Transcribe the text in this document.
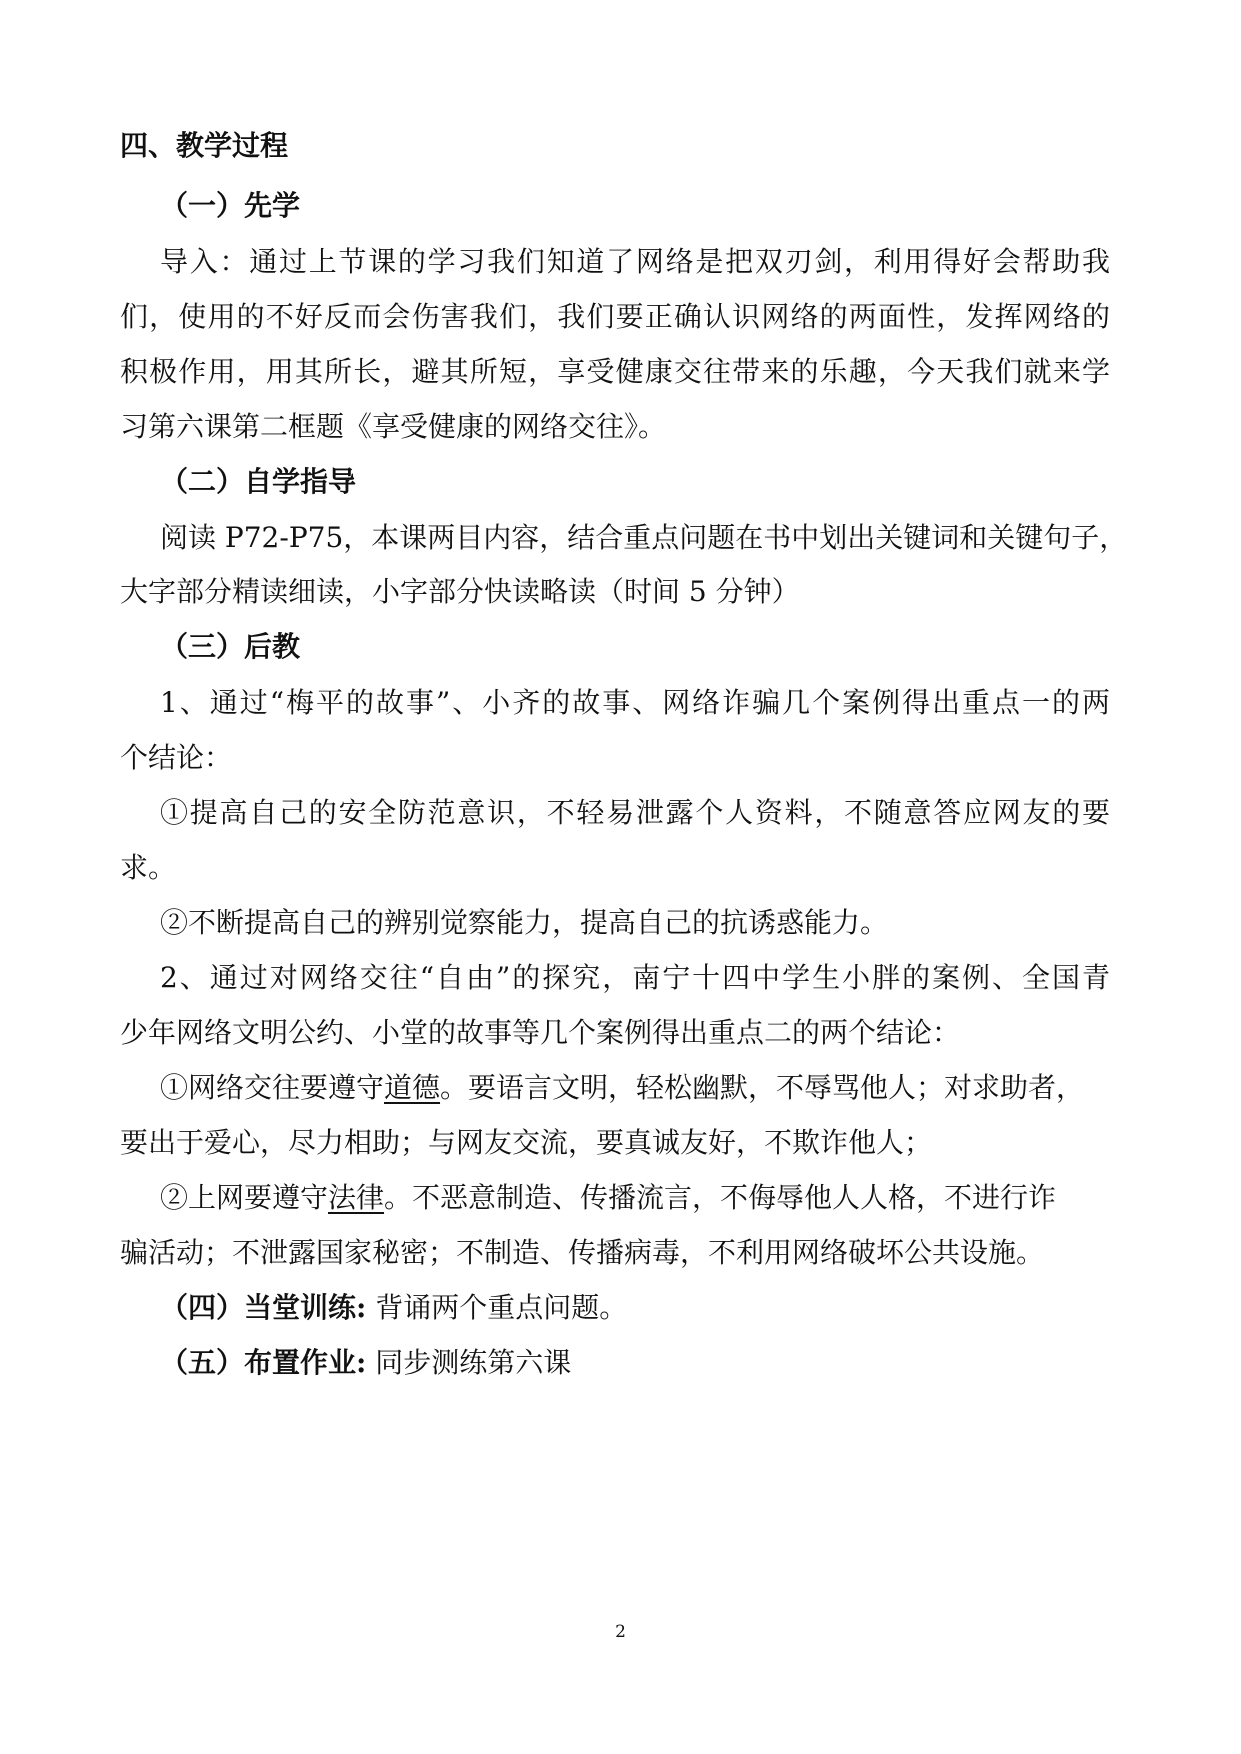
四、教学过程
（一）先学
导入：通过上节课的学习我们知道了网络是把双刃剑，利用得好会帮助我
们，使用的不好反而会伤害我们，我们要正确认识网络的两面性，发挥网络的
积极作用，用其所长，避其所短，享受健康交往带来的乐趣，今天我们就来学
习第六课第二框题《享受健康的网络交往》。
（二）自学指导
阅读 P72-P75，本课两目内容，结合重点问题在书中划出关键词和关键句子，
大字部分精读细读，小字部分快读略读（时间 5 分钟）
（三）后教
1、通过“梅平的故事”、小齐的故事、网络诈骗几个案例得出重点一的两
个结论：
①提高自己的安全防范意识，不轻易泄露个人资料，不随意答应网友的要
求。
②不断提高自己的辨别觉察能力，提高自己的抗诱惑能力。
2、通过对网络交往“自由”的探究，南宁十四中学生小胖的案例、全国青
少年网络文明公约、小堂的故事等几个案例得出重点二的两个结论：
①网络交往要遵守道德。要语言文明，轻松幽默，不辱骂他人；对求助者，
要出于爱心，尽力相助；与网友交流，要真诚友好，不欺诈他人；
②上网要遵守法律。不恶意制造、传播流言，不侮辱他人人格，不进行诈
骗活动；不泄露国家秘密；不制造、传播病毒，不利用网络破坏公共设施。
（四）当堂训练: 背诵两个重点问题。
（五）布置作业: 同步测练第六课
2
